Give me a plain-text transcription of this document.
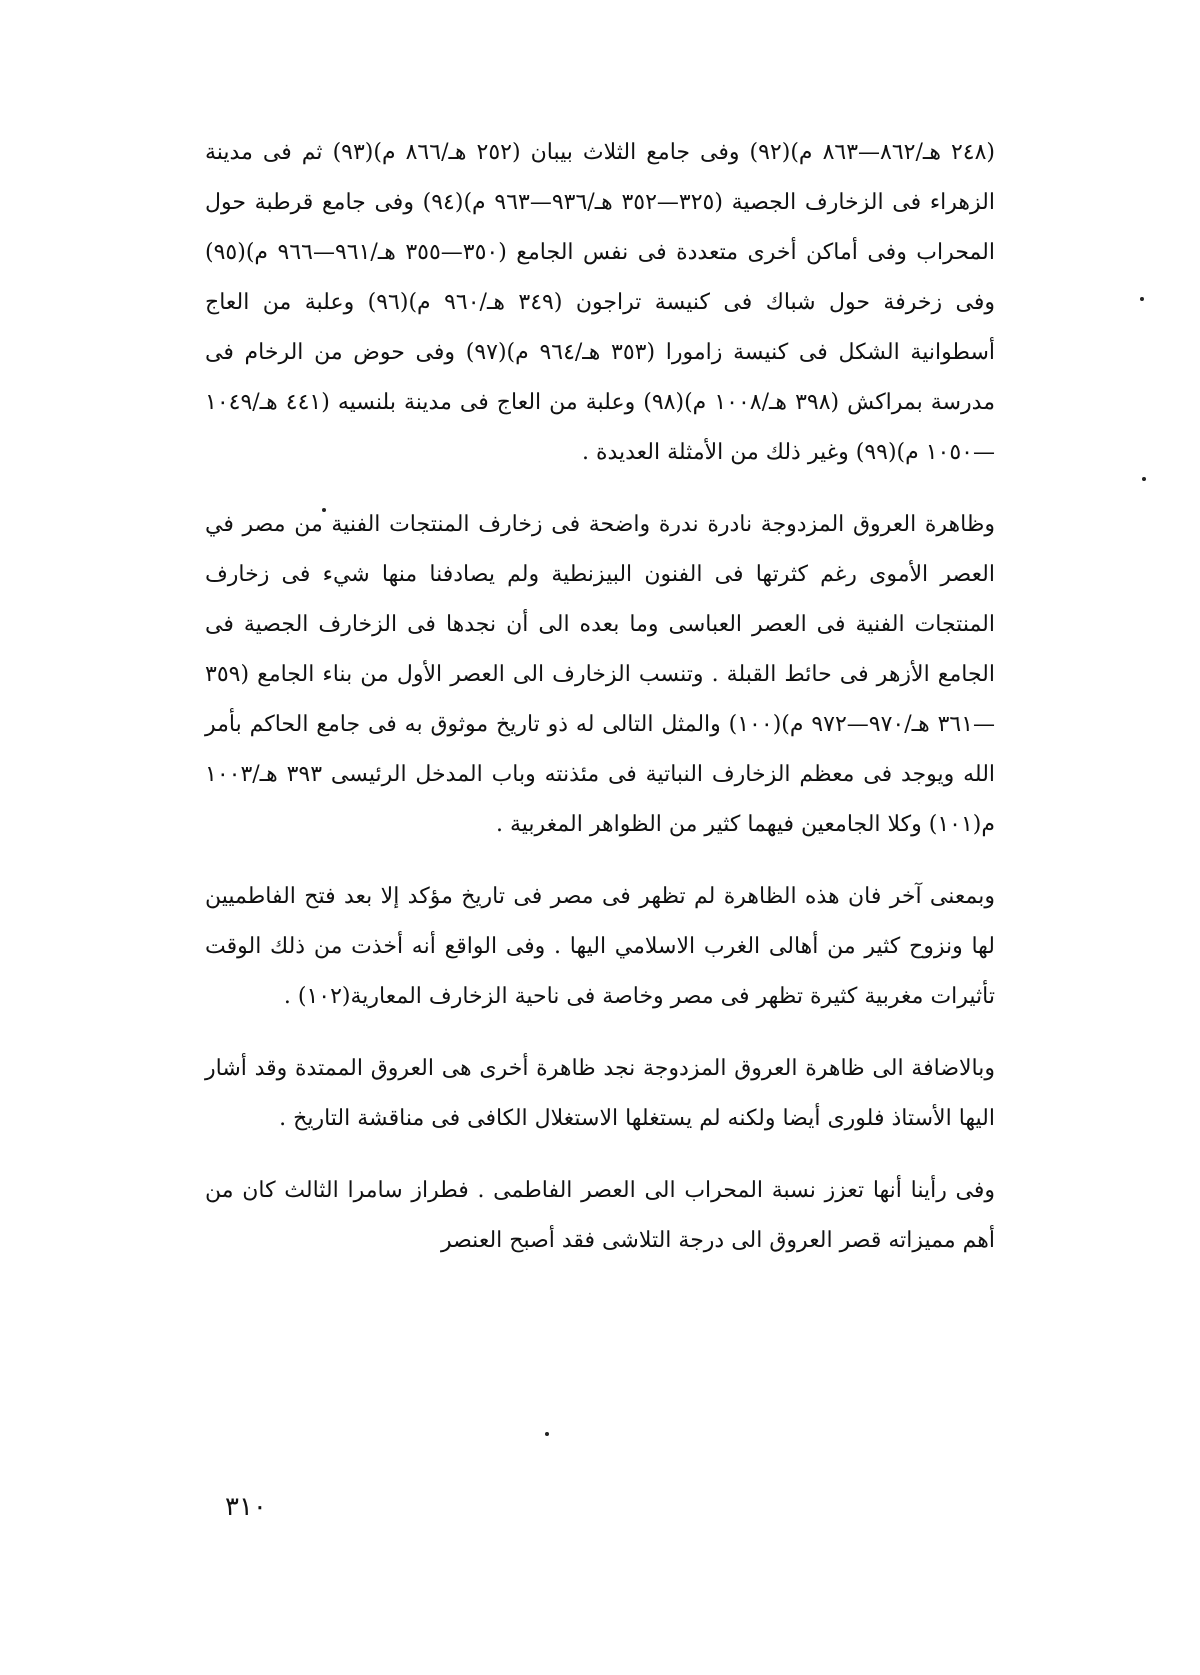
(٢٤٨ هـ/٨٦٢—٨٦٣ م)(٩٢) وفى جامع الثلاث بيبان (٢٥٢ هـ/٨٦٦ م)(٩٣) ثم فى مدينة الزهراء فى الزخارف الجصية (٣٢٥—٣٥٢ هـ/٩٣٦—٩٦٣ م)(٩٤) وفى جامع قرطبة حول المحراب وفى أماكن أخرى متعددة فى نفس الجامع (٣٥٠—٣٥٥ هـ/٩٦١—٩٦٦ م)(٩٥) وفى زخرفة حول شباك فى كنيسة تراجون (٣٤٩ هـ/٩٦٠ م)(٩٦) وعلبة من العاج أسطوانية الشكل فى كنيسة زامورا (٣٥٣ هـ/٩٦٤ م)(٩٧) وفى حوض من الرخام فى مدرسة بمراكش (٣٩٨ هـ/١٠٠٨ م)(٩٨) وعلبة من العاج فى مدينة بلنسيه (٤٤١ هـ/١٠٤٩—١٠٥٠ م)(٩٩) وغير ذلك من الأمثلة العديدة .

وظاهرة العروق المزدوجة نادرة ندرة واضحة فى زخارف المنتجات الفنية من مصر في العصر الأموى رغم كثرتها فى الفنون البيزنطية ولم يصادفنا منها شيء فى زخارف المنتجات الفنية فى العصر العباسى وما بعده الى أن نجدها فى الزخارف الجصية فى الجامع الأزهر فى حائط القبلة . وتنسب الزخارف الى العصر الأول من بناء الجامع (٣٥٩—٣٦١ هـ/٩٧٠—٩٧٢ م)(١٠٠) والمثل التالى له ذو تاريخ موثوق به فى جامع الحاكم بأمر الله ويوجد فى معظم الزخارف النباتية فى مئذنته وباب المدخل الرئيسى ٣٩٣ هـ/١٠٠٣ م(١٠١) وكلا الجامعين فيهما كثير من الظواهر المغربية .

وبمعنى آخر فان هذه الظاهرة لم تظهر فى مصر فى تاريخ مؤكد إلا بعد فتح الفاطميين لها ونزوح كثير من أهالى الغرب الاسلامي اليها . وفى الواقع أنه أخذت من ذلك الوقت تأثيرات مغربية كثيرة تظهر فى مصر وخاصة فى ناحية الزخارف المعارية(١٠٢) .

وبالاضافة الى ظاهرة العروق المزدوجة نجد ظاهرة أخرى هى العروق الممتدة وقد أشار اليها الأستاذ فلورى أيضا ولكنه لم يستغلها الاستغلال الكافى فى مناقشة التاريخ .

وفى رأينا أنها تعزز نسبة المحراب الى العصر الفاطمى . فطراز سامرا الثالث كان من أهم مميزاته قصر العروق الى درجة التلاشى فقد أصبح العنصر

٣١٠
